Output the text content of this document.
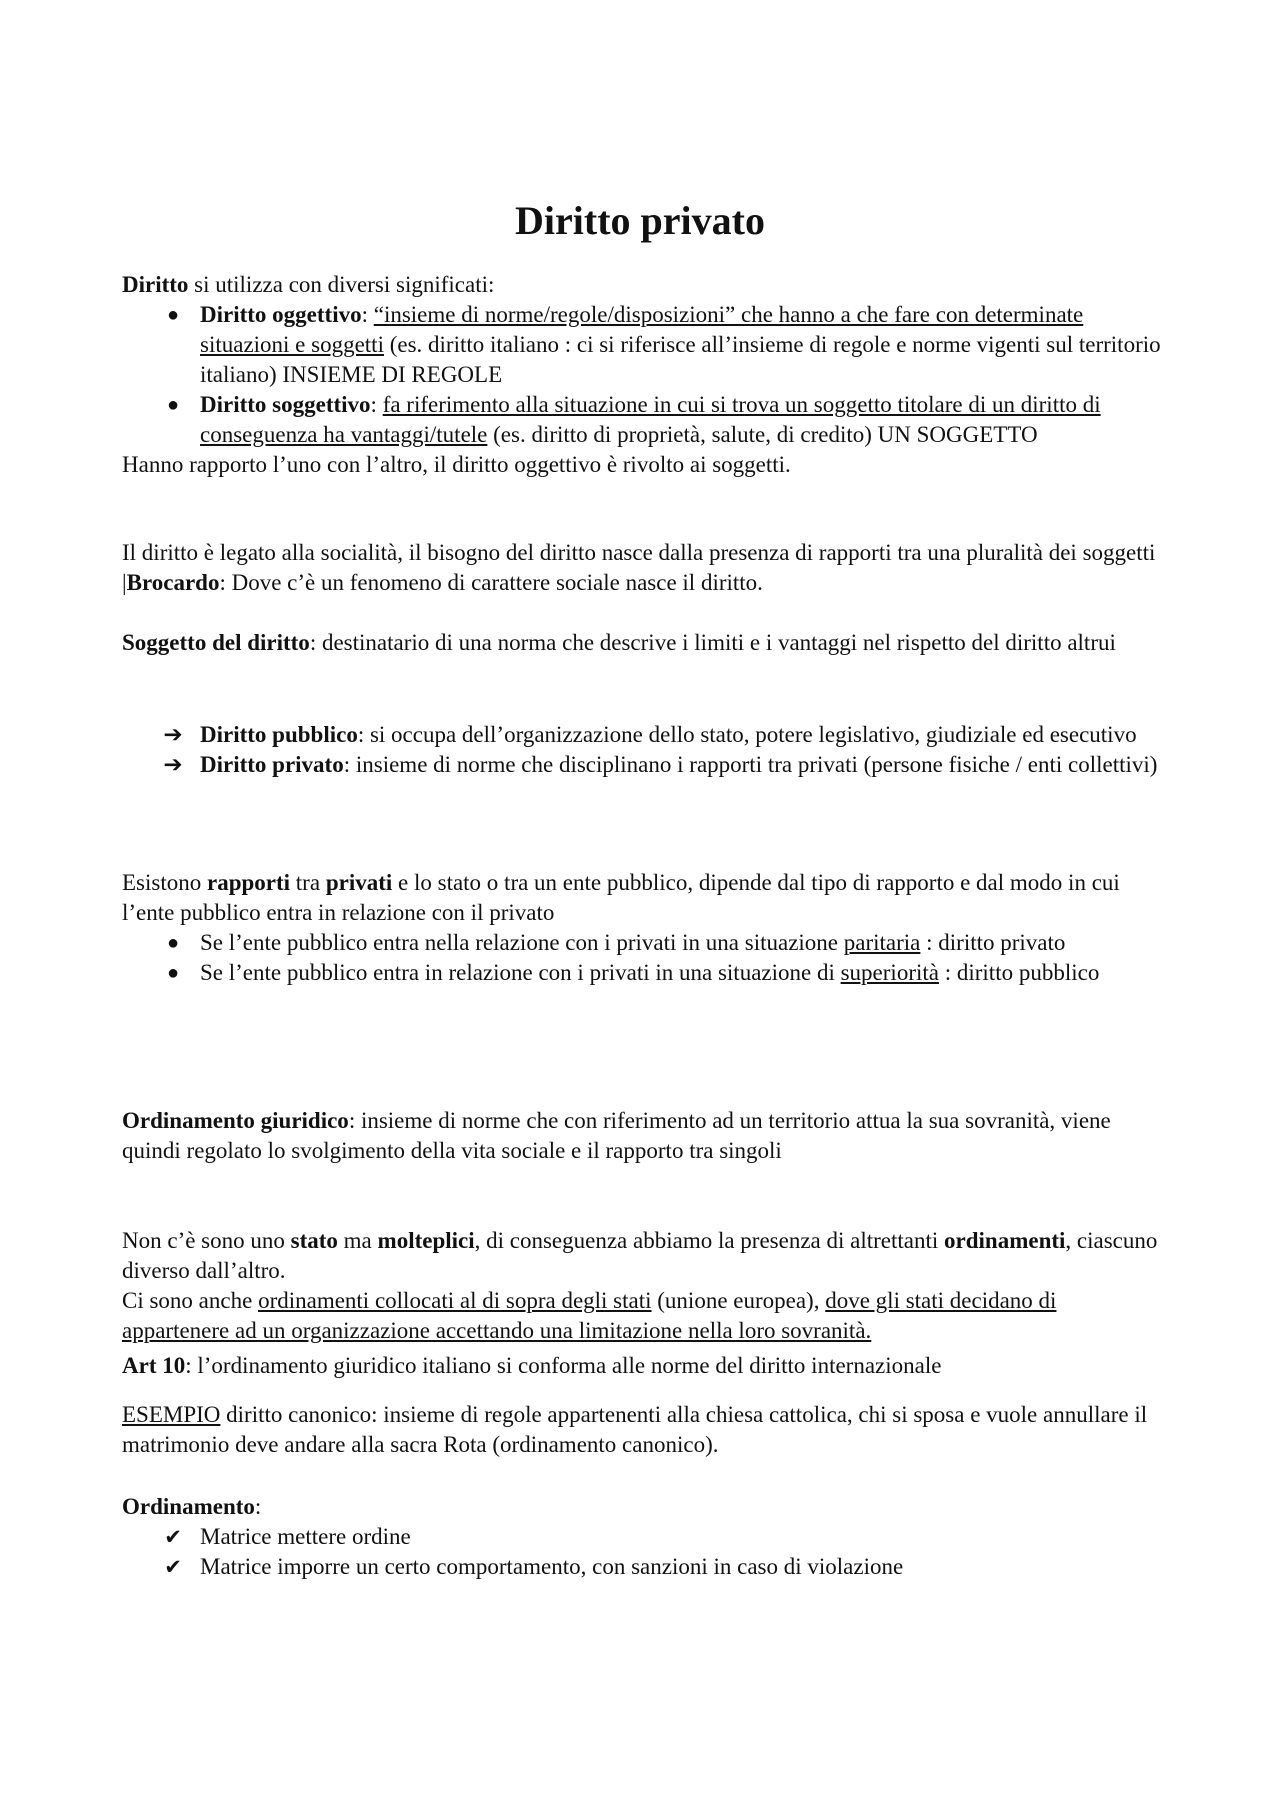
Diritto privato

Diritto si utilizza con diversi significati:

● Diritto oggettivo: “insieme di norme/regole/disposizioni” che hanno a che fare con determinate situazioni e soggetti (es. diritto italiano : ci si riferisce all’insieme di regole e norme vigenti sul territorio italiano) INSIEME DI REGOLE
● Diritto soggettivo: fa riferimento alla situazione in cui si trova un soggetto titolare di un diritto di conseguenza ha vantaggi/tutele (es. diritto di proprietà, salute, di credito) UN SOGGETTO

Hanno rapporto l’uno con l’altro, il diritto oggettivo è rivolto ai soggetti.

Il diritto è legato alla socialità, il bisogno del diritto nasce dalla presenza di rapporti tra una pluralità dei soggetti |Brocardo: Dove c’è un fenomeno di carattere sociale nasce il diritto.

Soggetto del diritto: destinatario di una norma che descrive i limiti e i vantaggi nel rispetto del diritto altrui

➔ Diritto pubblico: si occupa dell’organizzazione dello stato, potere legislativo, giudiziale ed esecutivo
➔ Diritto privato: insieme di norme che disciplinano i rapporti tra privati (persone fisiche / enti collettivi)

Esistono rapporti tra privati e lo stato o tra un ente pubblico, dipende dal tipo di rapporto e dal modo in cui l’ente pubblico entra in relazione con il privato

● Se l’ente pubblico entra nella relazione con i privati in una situazione paritaria : diritto privato
● Se l’ente pubblico entra in relazione con i privati in una situazione di superiorità : diritto pubblico

Ordinamento giuridico: insieme di norme che con riferimento ad un territorio attua la sua sovranità, viene quindi regolato lo svolgimento della vita sociale e il rapporto tra singoli

Non c’è sono uno stato ma molteplici, di conseguenza abbiamo la presenza di altrettanti ordinamenti, ciascuno diverso dall’altro.

Ci sono anche ordinamenti collocati al di sopra degli stati (unione europea), dove gli stati decidano di appartenere ad un organizzazione accettando una limitazione nella loro sovranità.

Art 10: l’ordinamento giuridico italiano si conforma alle norme del diritto internazionale

ESEMPIO diritto canonico: insieme di regole appartenenti alla chiesa cattolica, chi si sposa e vuole annullare il matrimonio deve andare alla sacra Rota (ordinamento canonico).

Ordinamento:

✔ Matrice mettere ordine
✔ Matrice imporre un certo comportamento, con sanzioni in caso di violazione
